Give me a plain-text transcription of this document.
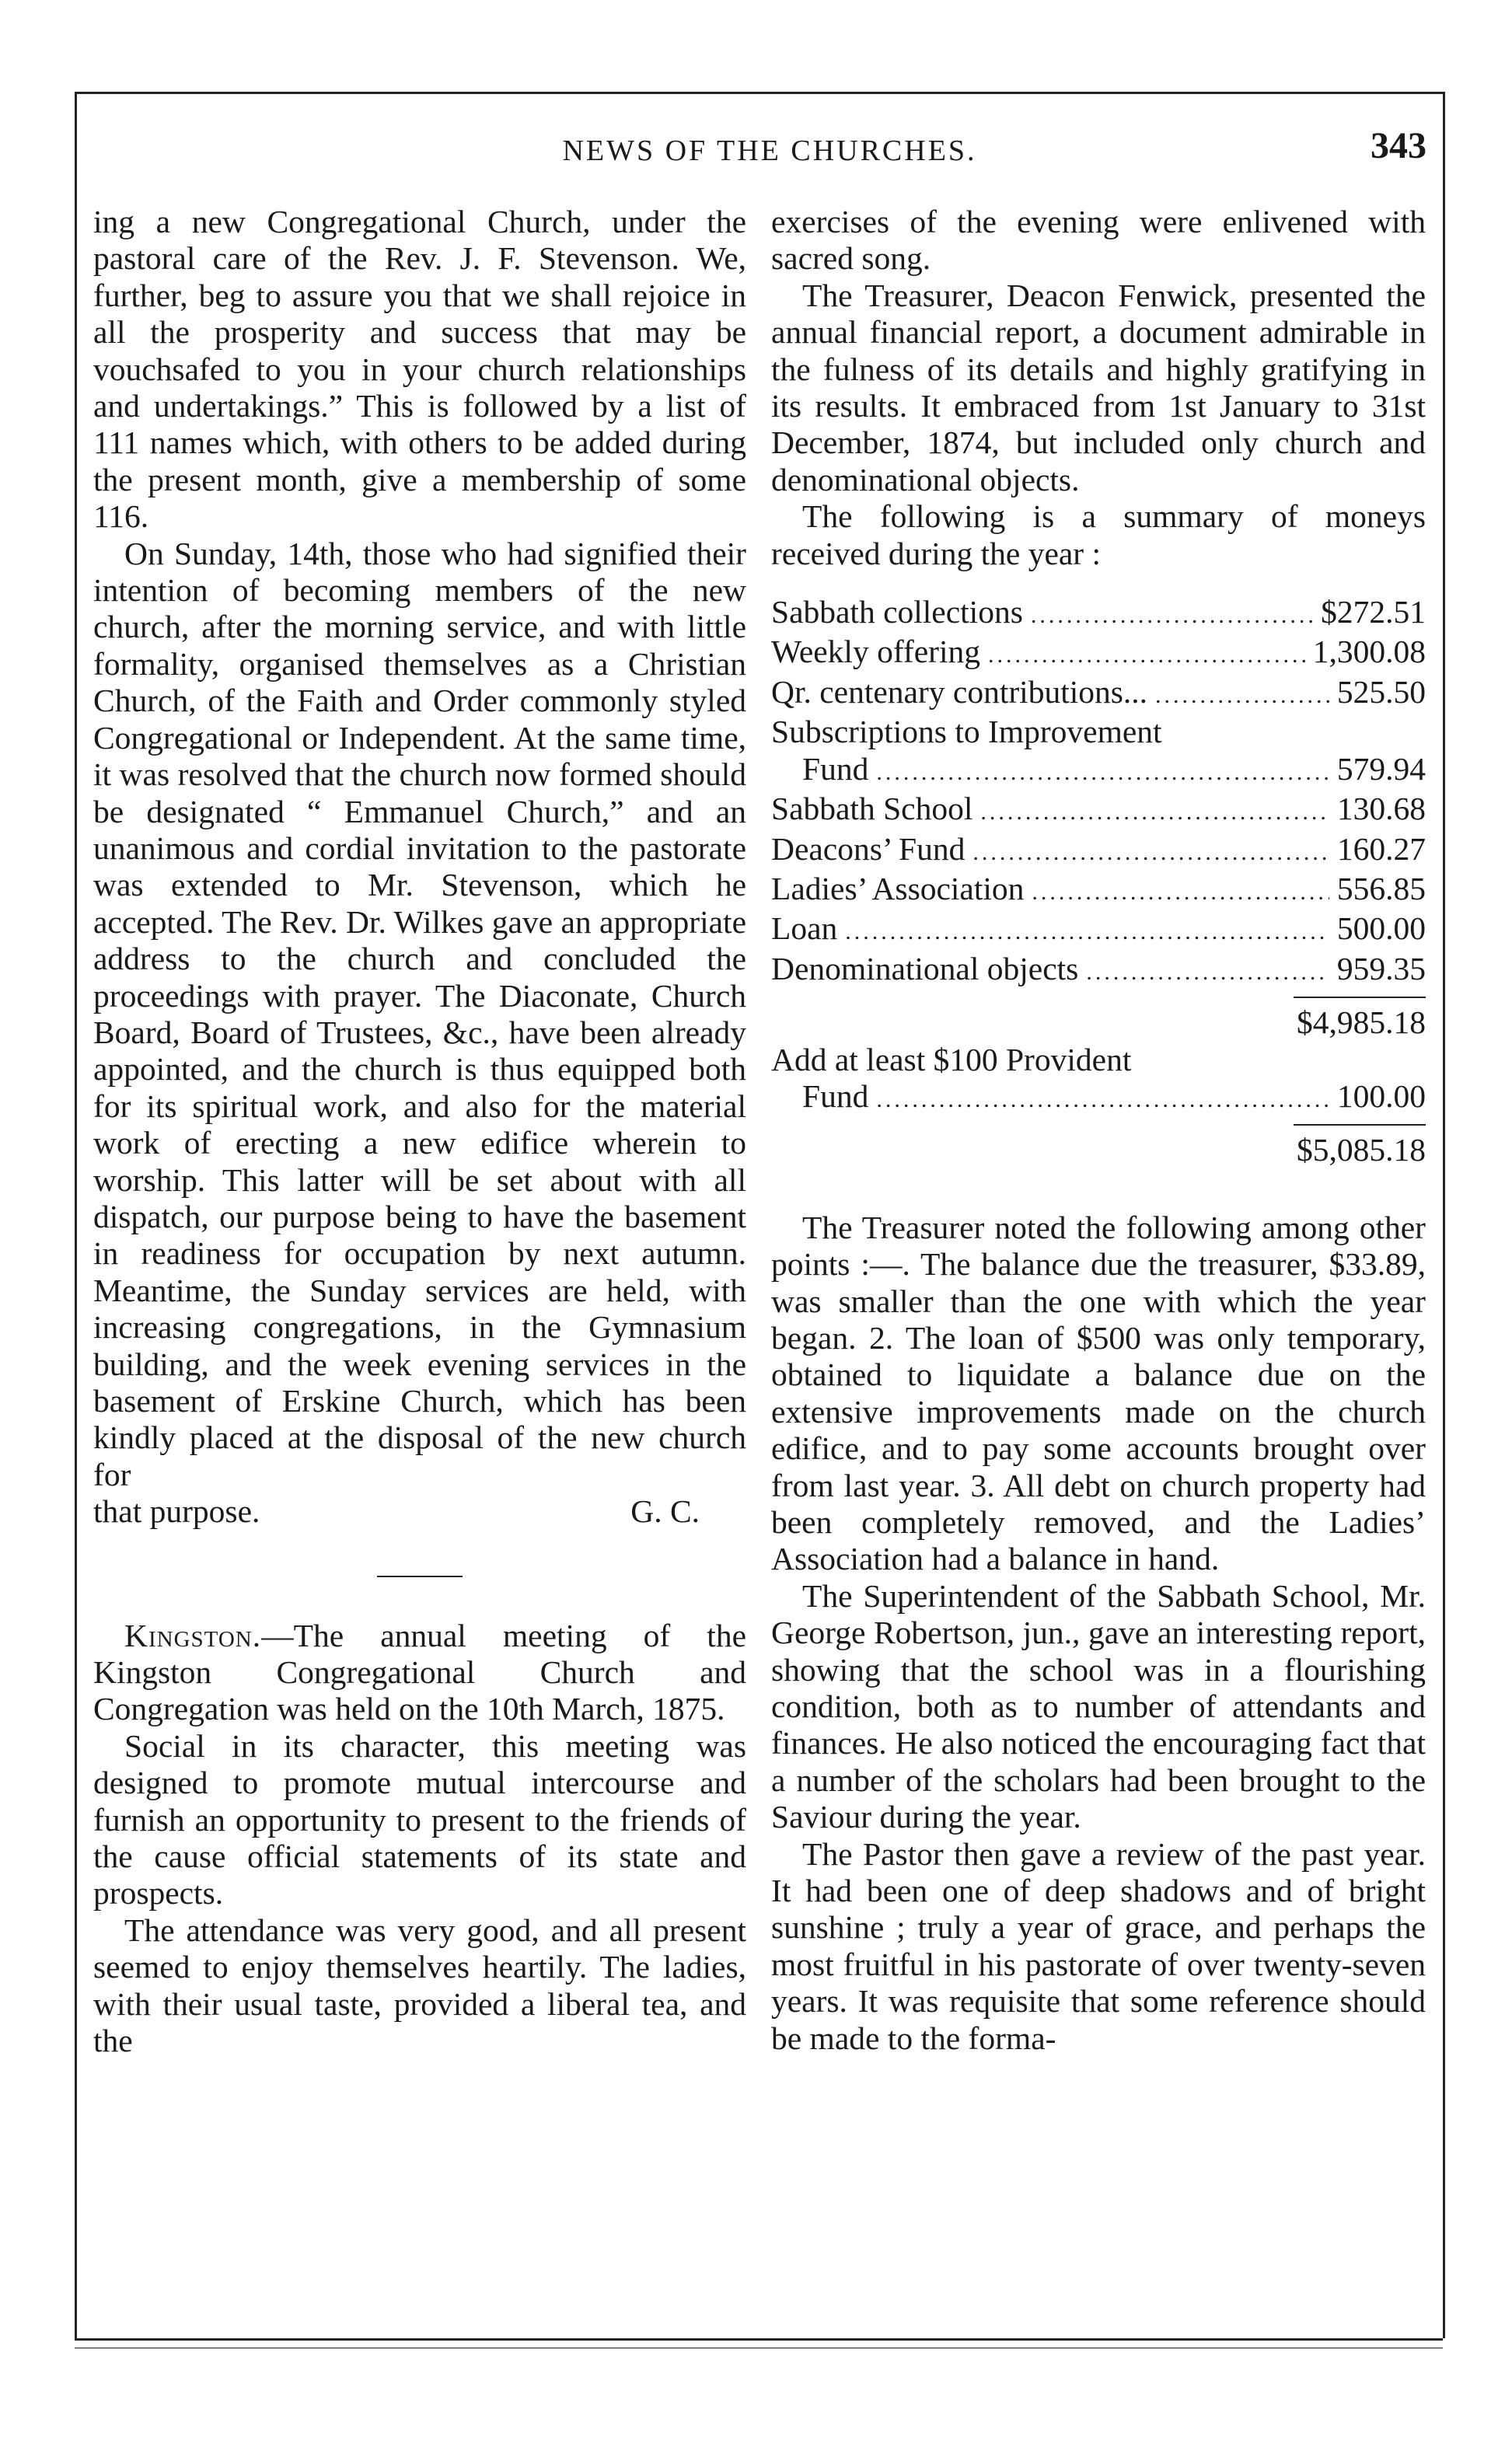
NEWS OF THE CHURCHES.	343

ing a new Congregational Church, under the pastoral care of the Rev. J. F. Stevenson. We, further, beg to assure you that we shall rejoice in all the prosperity and success that may be vouchsafed to you in your church relationships and undertakings.” This is followed by a list of 111 names which, with others to be added during the present month, give a membership of some 116.

On Sunday, 14th, those who had signified their intention of becoming members of the new church, after the morning service, and with little formality, organised themselves as a Christian Church, of the Faith and Order commonly styled Congregational or Independent. At the same time, it was resolved that the church now formed should be designated “ Emmanuel Church,” and an unanimous and cordial invitation to the pastorate was extended to Mr. Stevenson, which he accepted. The Rev. Dr. Wilkes gave an appropriate address to the church and concluded the proceedings with prayer. The Diaconate, Church Board, Board of Trustees, &c., have been already appointed, and the church is thus equipped both for its spiritual work, and also for the material work of erecting a new edifice wherein to worship. This latter will be set about with all dispatch, our purpose being to have the basement in readiness for occupation by next autumn. Meantime, the Sunday services are held, with increasing congregations, in the Gymnasium building, and the week evening services in the basement of Erskine Church, which has been kindly placed at the disposal of the new church for

that purpose.	G. C.

Kingston.—The annual meeting of the Kingston Congregational Church and Congregation was held on the 10th March, 1875.

Social in its character, this meeting was designed to promote mutual intercourse and furnish an opportunity to present to the friends of the cause official statements of its state and prospects.

The attendance was very good, and all present seemed to enjoy themselves heartily. The ladies, with their usual taste, provided a liberal tea, and the

exercises of the evening were enlivened with sacred song.

The Treasurer, Deacon Fenwick, presented the annual financial report, a document admirable in the fulness of its details and highly gratifying in its results. It embraced from 1st January to 31st December, 1874, but included only church and denominational objects.

The following is a summary of moneys received during the year :

Sabbath collections .....	$272.51
Weekly offering .....	1,300.08
Qr. centenary contributions... .....	525.50
Subscriptions to Improvement
Fund .....	579.94
Sabbath School .....	130.68
Deacons’ Fund .....	160.27
Ladies’ Association .....	556.85
Loan .....	500.00
Denominational objects .....	959.35
$4,985.18
Add at least $100 Provident
Fund .....	100.00
$5,085.18

The Treasurer noted the following among other points :—. The balance due the treasurer, $33.89, was smaller than the one with which the year began. 2. The loan of $500 was only temporary, obtained to liquidate a balance due on the extensive improvements made on the church edifice, and to pay some accounts brought over from last year. 3. All debt on church property had been completely removed, and the Ladies’ Association had a balance in hand.

The Superintendent of the Sabbath School, Mr. George Robertson, jun., gave an interesting report, showing that the school was in a flourishing condition, both as to number of attendants and finances. He also noticed the encouraging fact that a number of the scholars had been brought to the Saviour during the year.

The Pastor then gave a review of the past year. It had been one of deep shadows and of bright sunshine ; truly a year of grace, and perhaps the most fruitful in his pastorate of over twenty-seven years. It was requisite that some reference should be made to the forma-
